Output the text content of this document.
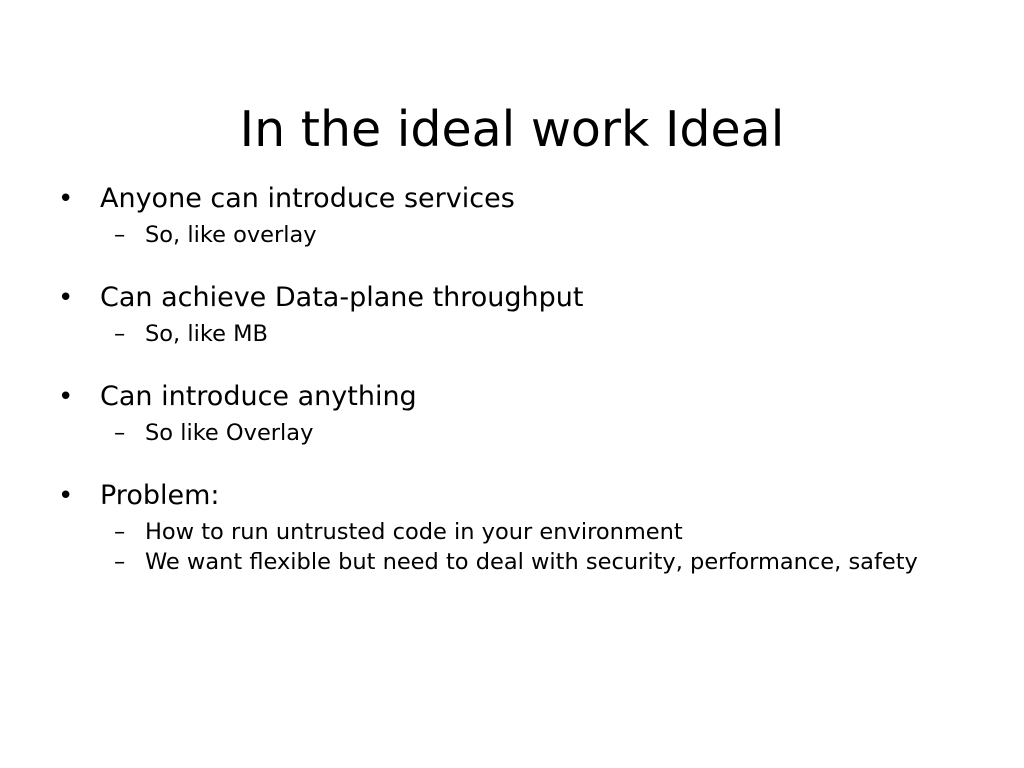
In the ideal work Ideal
• Anyone can introduce services
– So, like overlay
• Can achieve Data-plane throughput
– So, like MB
• Can introduce anything
– So like Overlay
• Problem:
– How to run untrusted code in your environment
– We want flexible but need to deal with security, performance, safety
